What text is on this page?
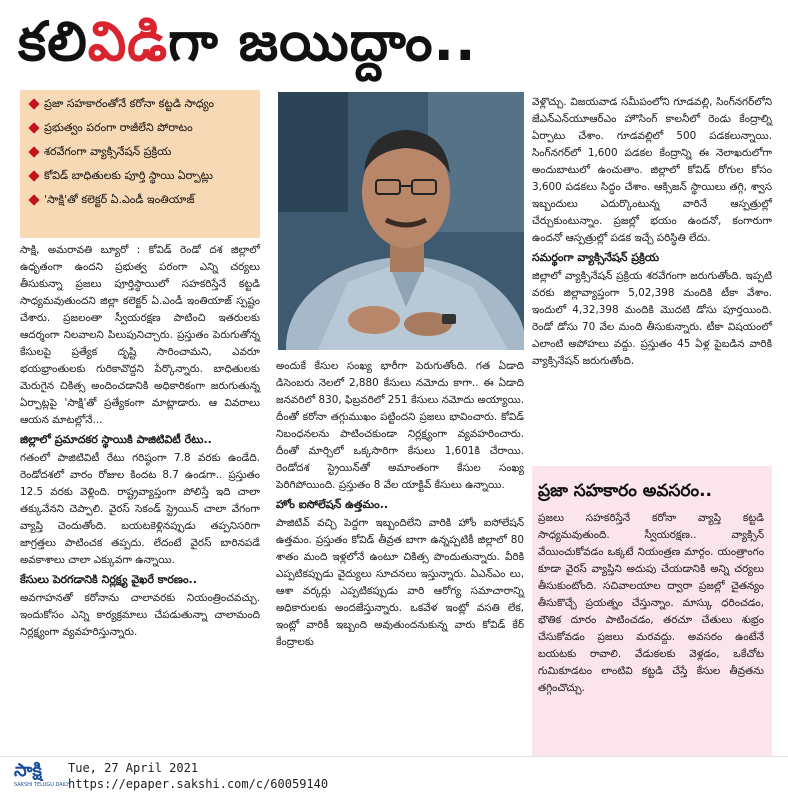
కలి విడి గా జయిద్దాం..
ప్రజా సహకారంతోనే కరోనా కట్టడి సాధ్యం
ప్రభుత్వం పరంగా రాజీలేని పోరాటం
శరవేగంగా వ్యాక్సినేషన్ ప్రక్రియ
కోవిడ్ బాధితులకు పూర్తి స్థాయి ఏర్పాట్లు
'సాక్షి'తో కలెక్టర్ ఏ.ఎండీ ఇంతియాజ్

సాక్షి, అమరావతి బ్యూరో : కోవిడ్ రెండో దశ జిల్లాలో ఉధృతంగా ఉందని ప్రభుత్వ పరంగా ఎన్ని చర్యలు తీసుకున్నా ప్రజలు పూర్తిస్థాయిలో సహకరిస్తేనే కట్టడి సాధ్యమవుతుందని జిల్లా కలెక్టర్ ఏ.ఎండీ ఇంతియాజ్ స్పష్టం చేశారు. ప్రజలంతా స్వీయరక్షణ పాటించి ఇతరులకు ఆదర్శంగా నిలవాలని పిలుపునిచ్చారు. ప్రస్తుతం పెరుగుతోన్న కేసులపై ప్రత్యేక దృష్టి సారించామని, ఎవరూ భయభ్రాంతులకు గురికావొద్దని పేర్కొన్నారు. బాధితులకు మెరుగైన చికిత్స అందించడానికి అధికారికంగా జరుగుతున్న ఏర్పాట్లపై 'సాక్షి'తో ప్రత్యేకంగా మాట్లాడారు. ఆ వివరాలు ఆయన మాటల్లోనే...

జిల్లాలో ప్రమాదకర స్థాయికి పాజిటివిటీ రేటు..

గతంలో పాజిటివిటీ రేటు గరిష్ఠంగా 7.8 వరకు ఉండేది. రెండోదశలో వారం రోజుల కిందట 8.7 ఉండగా.. ప్రస్తుతం 12.5 వరకు వెళ్లింది. రాష్ట్రవ్యాప్తంగా పోలిస్తే ఇది చాలా తక్కువేనని చెప్పాలి. వైరస్ సెకండ్ స్ట్రెయిన్ చాలా వేగంగా వ్యాప్తి చెందుతోంది. బయటకెళ్లినప్పుడు తప్పనిసరిగా జాగ్రత్తలు పాటించక తప్పదు. లేదంటే వైరస్ బారినపడే అవకాశాలు చాలా ఎక్కువగా ఉన్నాయి.

కేసులు పెరగడానికి నిర్లక్ష్య వైఖరే కారణం..

అవగాహనతో కరోనాను చాలావరకు నియంత్రించవచ్చు. ఇందుకోసం ఎన్ని కార్యక్రమాలు చేపడుతున్నా చాలామంది నిర్లక్ష్యంగా వ్యవహరిస్తున్నారు.

అందుకే కేసుల సంఖ్య భారీగా పెరుగుతోంది. గత ఏడాది డిసెంబరు నెలలో 2,880 కేసులు నమోదు కాగా.. ఈ ఏడాది జనవరిలో 830, ఫిబ్రవరిలో 251 కేసులు నమోదు అయ్యాయి. దీంతో కరోనా తగ్గుముఖం పట్టిందని ప్రజలు భావించారు. కోవిడ్ నిబంధనలను పాటించకుండా నిర్లక్ష్యంగా వ్యవహరించారు. దీంతో మార్చిలో ఒక్కసారిగా కేసులు 1,601కి చేరాయి. రెండోదశ స్ట్రెయిన్‌తో అమాంతంగా కేసుల సంఖ్య పెరిగిపోయింది. ప్రస్తుతం 8 వేల యాక్టివ్ కేసులు ఉన్నాయి.

హోం ఐసోలేషన్ ఉత్తమం..

పాజిటివ్ వచ్చి పెద్దగా ఇబ్బందిలేని వారికి హోం ఐసోలేషన్ ఉత్తమం. ప్రస్తుతం కోవిడ్ తీవ్రత బాగా ఉన్నప్పటికీ జిల్లాలో 80 శాతం మంది ఇళ్లలోనే ఉంటూ చికిత్స పొందుతున్నారు. వీరికి ఎప్పటికప్పుడు వైద్యులు సూచనలు ఇస్తున్నారు. ఏఎన్ఎం లు, ఆశా వర్కర్లు ఎప్పటికప్పుడు వారి ఆరోగ్య సమాచారాన్ని అధికారులకు అందజేస్తున్నారు. ఒకవేళ ఇంట్లో వసతి లేక, ఇంట్లో వారికీ ఇబ్బంది అవుతుందనుకున్న వారు కోవిడ్ కేర్ కేంద్రాలకు

వెళ్లొచ్చు. విజయవాడ సమీపంలోని గూడవల్లి, సింగ్‌నగర్‌లోని జేఎన్ఎన్‌యూఆర్ఎం హౌసింగ్ కాలనీలో రెండు కేంద్రాల్ని ఏర్పాటు చేశాం. గూడవల్లిలో 500 పడకలున్నాయి. సింగ్‌నగర్‌లో 1,600 పడకల కేంద్రాన్ని ఈ నెలాఖరులోగా అందుబాటులో ఉంచుతాం. జిల్లాలో కోవిడ్ రోగుల కోసం 3,600 పడకలు సిద్ధం చేశాం. ఆక్సిజన్ స్థాయిలు తగ్గి, శ్వాస ఇబ్బందులు ఎదుర్కొంటున్న వారినే ఆస్పత్రుల్లో చేర్చుకుంటున్నాం. ప్రజల్లో భయం ఉందనో, కంగారుగా ఉందనో ఆస్పత్రుల్లో పడక ఇచ్చే పరిస్థితి లేదు.

సమర్థంగా వ్యాక్సినేషన్ ప్రక్రియ

జిల్లాలో వ్యాక్సినేషన్ ప్రక్రియ శరవేగంగా జరుగుతోంది. ఇప్పటి వరకు జిల్లావ్యాప్తంగా 5,02,398 మందికి టీకా వేశాం. ఇందులో 4,32,398 మందికి మొదటి డోసు పూర్తయింది. రెండో డోసు 70 వేల మంది తీసుకున్నారు. టీకా విషయంలో ఎలాంటి అపోహలు వద్దు. ప్రస్తుతం 45 ఏళ్ల పైబడిన వారికి వ్యాక్సినేషన్ జరుగుతోంది.

ప్రజా సహకారం అవసరం..
ప్రజలు సహకరిస్తేనే కరోనా వ్యాప్తి కట్టడి సాధ్యమవుతుంది. స్వీయరక్షణ.. వ్యాక్సిన్ వేయించుకోవడం ఒక్కటే నియంత్రణ మార్గం. యంత్రాంగం కూడా వైరస్ వ్యాప్తిని అదుపు చేయడానికి అన్ని చర్యలు తీసుకుంటోంది. సచివాలయాల ద్వారా ప్రజల్లో చైతన్యం తీసుకొచ్చే ప్రయత్నం చేస్తున్నాం. మాస్కు ధరించడం, భౌతిక దూరం పాటించడం, తరచూ చేతులు శుభ్రం చేసుకోవడం ప్రజలు మరవద్దు. అవసరం ఉంటేనే బయటకు రావాలి. వేడుకలకు వెళ్లడం, ఒకేచోట గుమికూడటం లాంటివి కట్టడి చేస్తే కేసుల తీవ్రతను తగ్గించొచ్చు.
సాక్షి
SAKSHI TELUGU DAILY
Tue, 27 April 2021
https://epaper.sakshi.com/c/60059140
